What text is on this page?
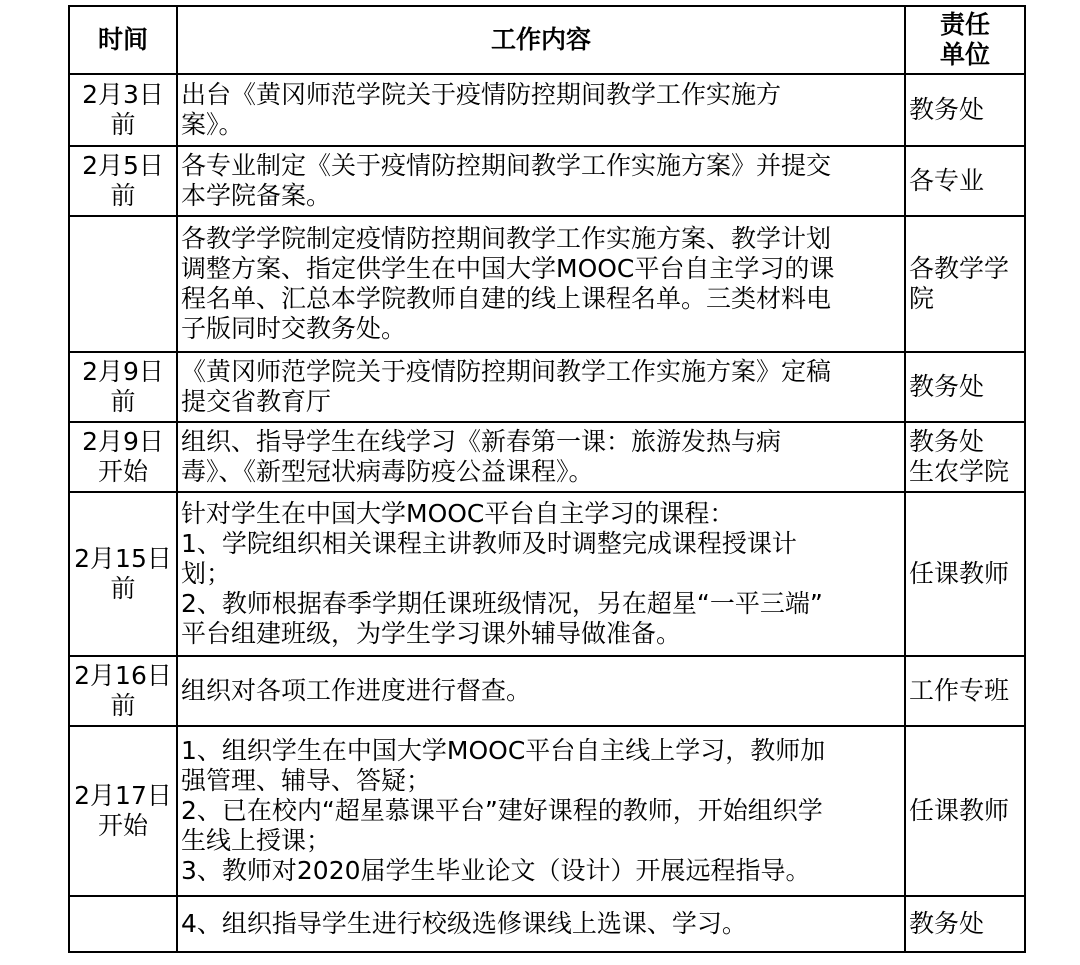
时间	工作内容	责任
单位

2月3日
前	出台《黄冈师范学院关于疫情防控期间教学工作实施方
案》。	教务处

2月5日
前	各专业制定《关于疫情防控期间教学工作实施方案》并提交
本学院备案。	各专业

	各教学学院制定疫情防控期间教学工作实施方案、教学计划
调整方案、指定供学生在中国大学MOOC平台自主学习的课
程名单、汇总本学院教师自建的线上课程名单。三类材料电
子版同时交教务处。	各教学学
院

2月9日
前	《黄冈师范学院关于疫情防控期间教学工作实施方案》定稿
提交省教育厅	教务处

2月9日
开始	组织、指导学生在线学习《新春第一课：旅游发热与病
毒》、《新型冠状病毒防疫公益课程》。	教务处
生农学院

2月15日
前	针对学生在中国大学MOOC平台自主学习的课程：
1、学院组织相关课程主讲教师及时调整完成课程授课计
划；
2、教师根据春季学期任课班级情况，另在超星“一平三端”
平台组建班级，为学生学习课外辅导做准备。	任课教师

2月16日
前	组织对各项工作进度进行督查。	工作专班

2月17日
开始	1、组织学生在中国大学MOOC平台自主线上学习，教师加
强管理、辅导、答疑；
2、已在校内“超星慕课平台”建好课程的教师，开始组织学
生线上授课；
3、教师对2020届学生毕业论文（设计）开展远程指导。	任课教师

	4、组织指导学生进行校级选修课线上选课、学习。	教务处
